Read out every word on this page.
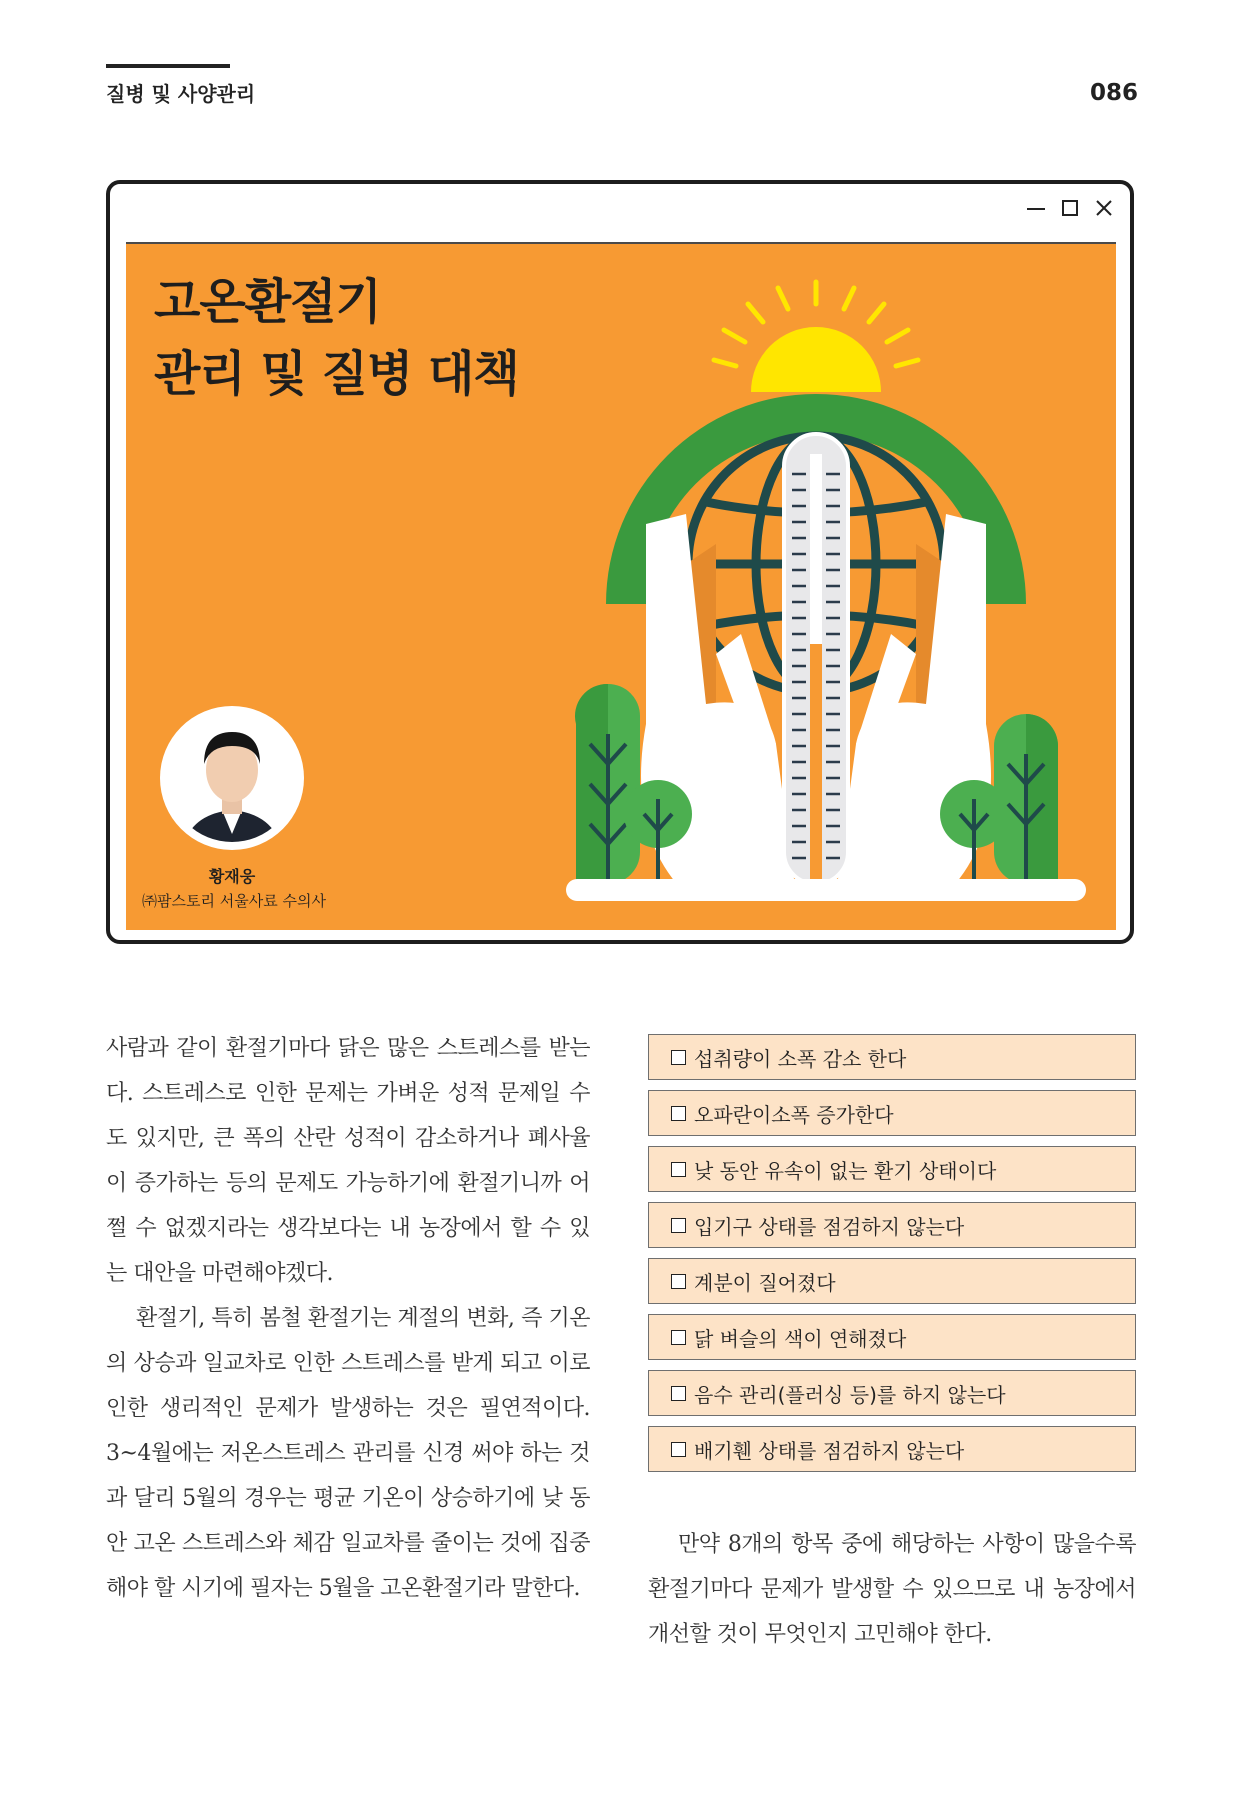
질병 및 사양관리	086
고온환절기
관리 및 질병 대책
황재웅
㈜팜스토리 서울사료 수의사

사람과 같이 환절기마다 닭은 많은 스트레스를 받는다. 스트레스로 인한 문제는 가벼운 성적 문제일 수도 있지만, 큰 폭의 산란 성적이 감소하거나 폐사율이 증가하는 등의 문제도 가능하기에 환절기니까 어쩔 수 없겠지라는 생각보다는 내 농장에서 할 수 있는 대안을 마련해야겠다.

환절기, 특히 봄철 환절기는 계절의 변화, 즉 기온의 상승과 일교차로 인한 스트레스를 받게 되고 이로 인한 생리적인 문제가 발생하는 것은 필연적이다. 3~4월에는 저온스트레스 관리를 신경 써야 하는 것과 달리 5월의 경우는 평균 기온이 상승하기에 낮 동안 고온 스트레스와 체감 일교차를 줄이는 것에 집중해야 할 시기에 필자는 5월을 고온환절기라 말한다.

섭취량이 소폭 감소 한다
오파란이소폭 증가한다
낮 동안 유속이 없는 환기 상태이다
입기구 상태를 점검하지 않는다
계분이 질어졌다
닭 벼슬의 색이 연해졌다
음수 관리(플러싱 등)를 하지 않는다
배기휀 상태를 점검하지 않는다

만약 8개의 항목 중에 해당하는 사항이 많을수록 환절기마다 문제가 발생할 수 있으므로 내 농장에서 개선할 것이 무엇인지 고민해야 한다.
